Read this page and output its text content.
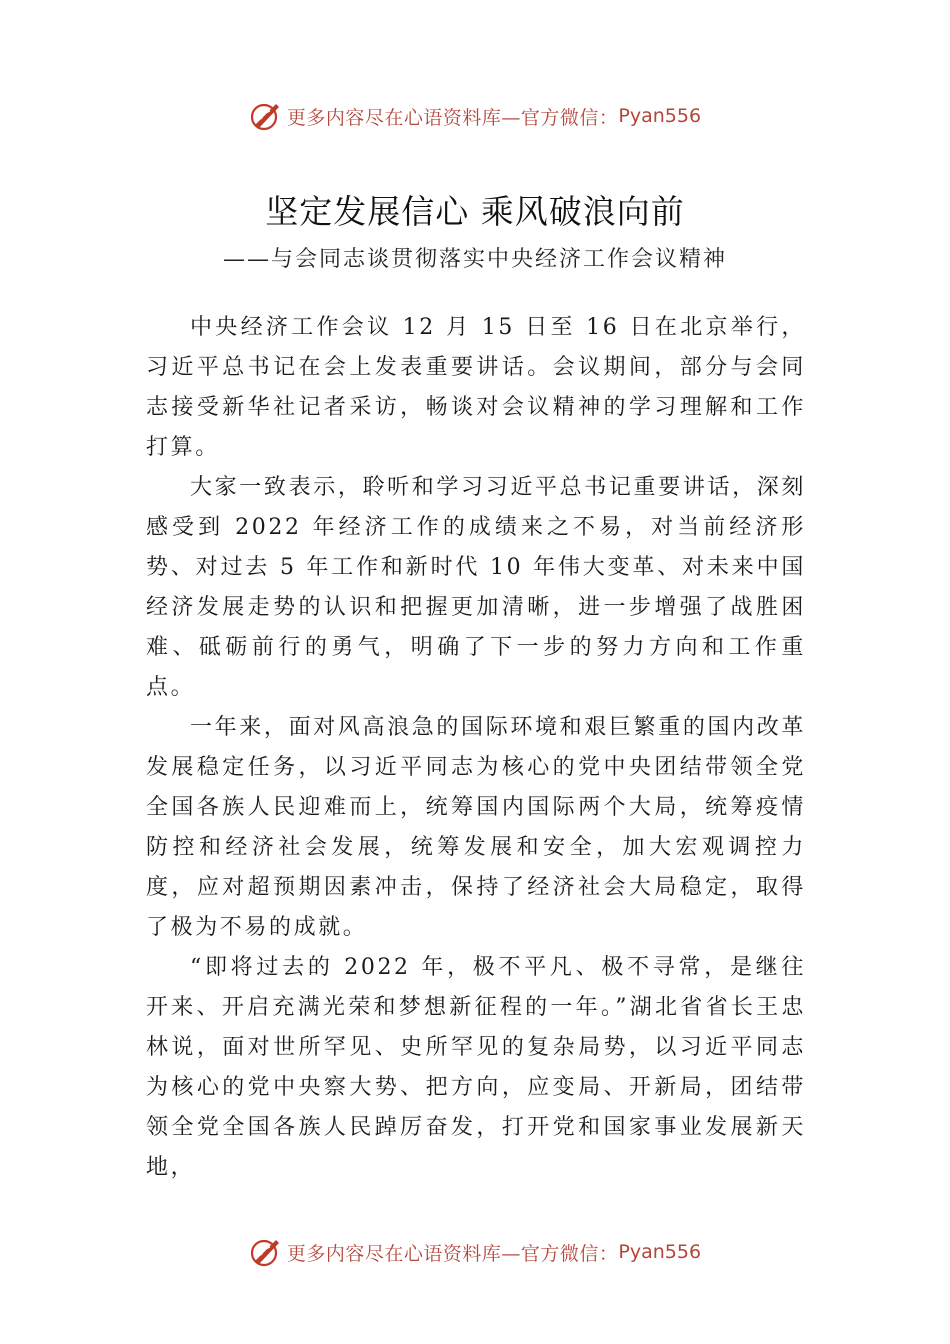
更多内容尽在心语资料库—官方微信： Pyan556
坚定发展信心 乘风破浪向前
——与会同志谈贯彻落实中央经济工作会议精神

中央经济工作会议 12 月 15 日至 16 日在北京举行，习近平总书记在会上发表重要讲话。会议期间，部分与会同志接受新华社记者采访，畅谈对会议精神的学习理解和工作打算。

大家一致表示，聆听和学习习近平总书记重要讲话，深刻感受到 2022 年经济工作的成绩来之不易，对当前经济形势、对过去 5 年工作和新时代 10 年伟大变革、对未来中国经济发展走势的认识和把握更加清晰，进一步增强了战胜困难、砥砺前行的勇气，明确了下一步的努力方向和工作重点。

一年来，面对风高浪急的国际环境和艰巨繁重的国内改革发展稳定任务，以习近平同志为核心的党中央团结带领全党全国各族人民迎难而上，统筹国内国际两个大局，统筹疫情防控和经济社会发展，统筹发展和安全，加大宏观调控力度，应对超预期因素冲击，保持了经济社会大局稳定，取得了极为不易的成就。

“即将过去的 2022 年，极不平凡、极不寻常，是继往开来、开启充满光荣和梦想新征程的一年。”湖北省省长王忠林说，面对世所罕见、史所罕见的复杂局势，以习近平同志为核心的党中央察大势、把方向，应变局、开新局，团结带领全党全国各族人民踔厉奋发，打开党和国家事业发展新天地，

更多内容尽在心语资料库—官方微信： Pyan556
